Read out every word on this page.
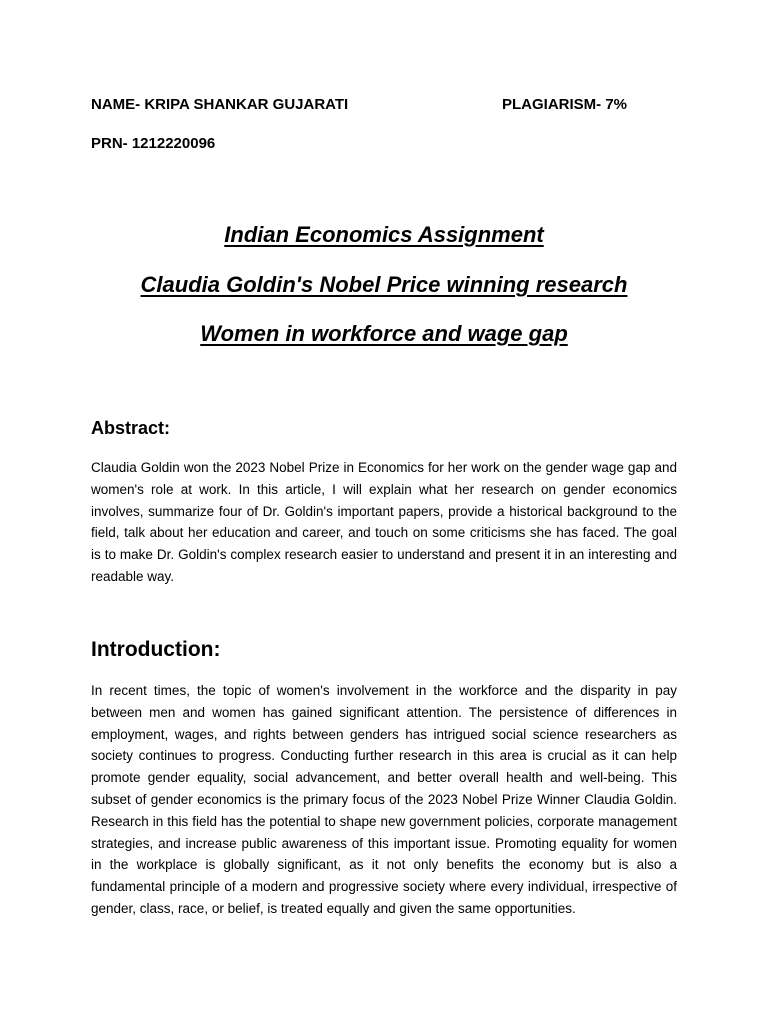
NAME- KRIPA SHANKAR GUJARATI	PLAGIARISM- 7%
PRN- 1212220096
Indian Economics Assignment
Claudia Goldin's Nobel Price winning research
Women in workforce and wage gap
Abstract:
Claudia Goldin won the 2023 Nobel Prize in Economics for her work on the gender wage gap and women's role at work. In this article, I will explain what her research on gender economics involves, summarize four of Dr. Goldin's important papers, provide a historical background to the field, talk about her education and career, and touch on some criticisms she has faced. The goal is to make Dr. Goldin's complex research easier to understand and present it in an interesting and readable way.
Introduction:
In recent times, the topic of women's involvement in the workforce and the disparity in pay between men and women has gained significant attention. The persistence of differences in employment, wages, and rights between genders has intrigued social science researchers as society continues to progress. Conducting further research in this area is crucial as it can help promote gender equality, social advancement, and better overall health and well-being. This subset of gender economics is the primary focus of the 2023 Nobel Prize Winner Claudia Goldin. Research in this field has the potential to shape new government policies, corporate management strategies, and increase public awareness of this important issue. Promoting equality for women in the workplace is globally significant, as it not only benefits the economy but is also a fundamental principle of a modern and progressive society where every individual, irrespective of gender, class, race, or belief, is treated equally and given the same opportunities.
